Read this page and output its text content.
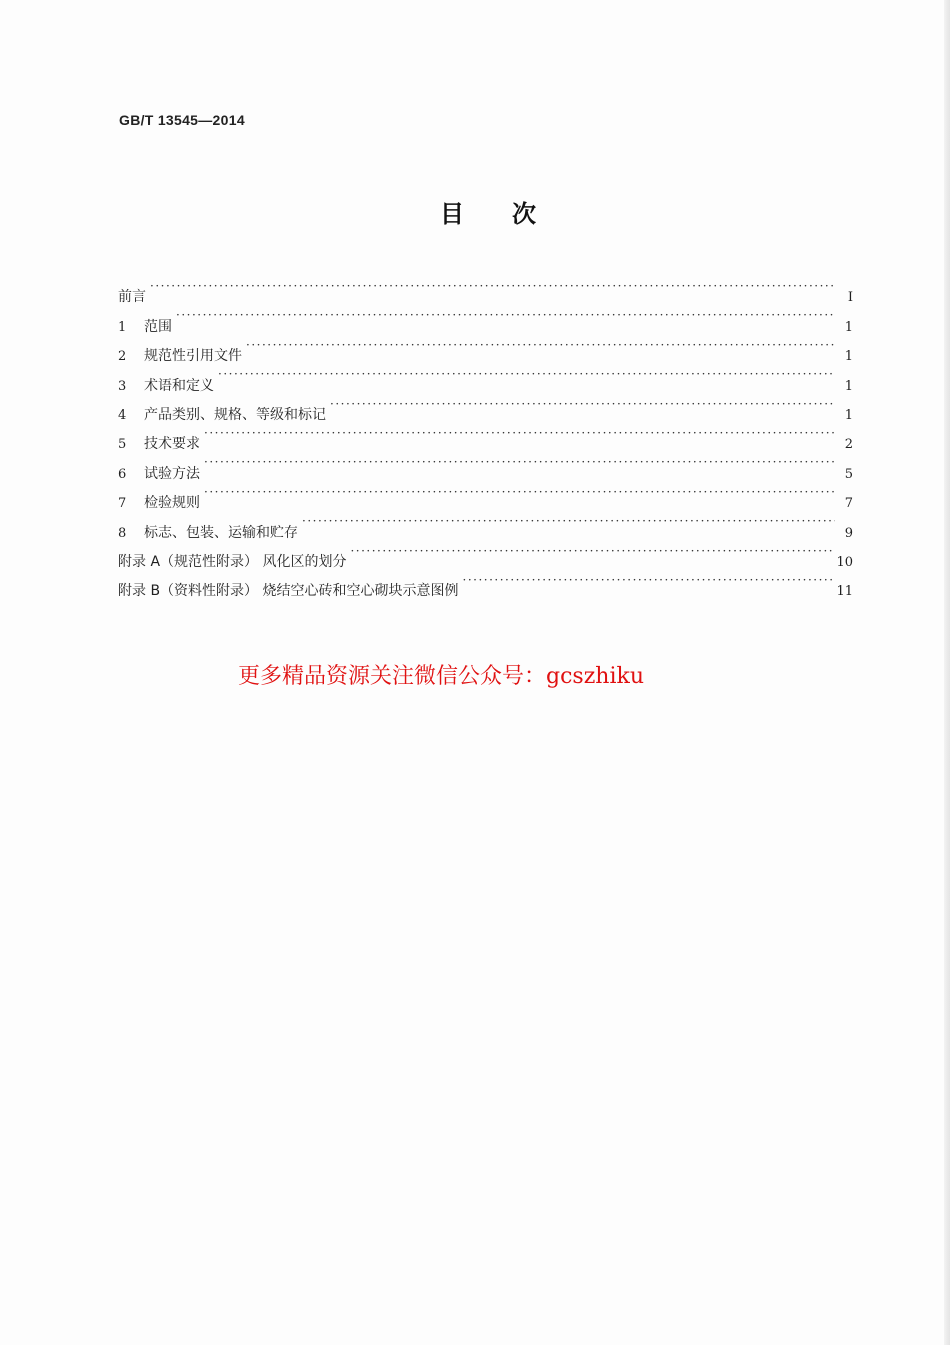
GB/T 13545—2014
目次
前言 ·····	Ⅰ
1	范围 ·····	1
2	规范性引用文件 ·····	1
3	术语和定义 ·····	1
4	产品类别、规格、等级和标记 ·····	1
5	技术要求 ·····	2
6	试验方法 ·····	5
7	检验规则 ·····	7
8	标志、包装、运输和贮存 ·····	9
附录 A（规范性附录） 风化区的划分 ·····	10
附录 B（资料性附录） 烧结空心砖和空心砌块示意图例 ·····	11
更多精品资源关注微信公众号：gcszhiku
